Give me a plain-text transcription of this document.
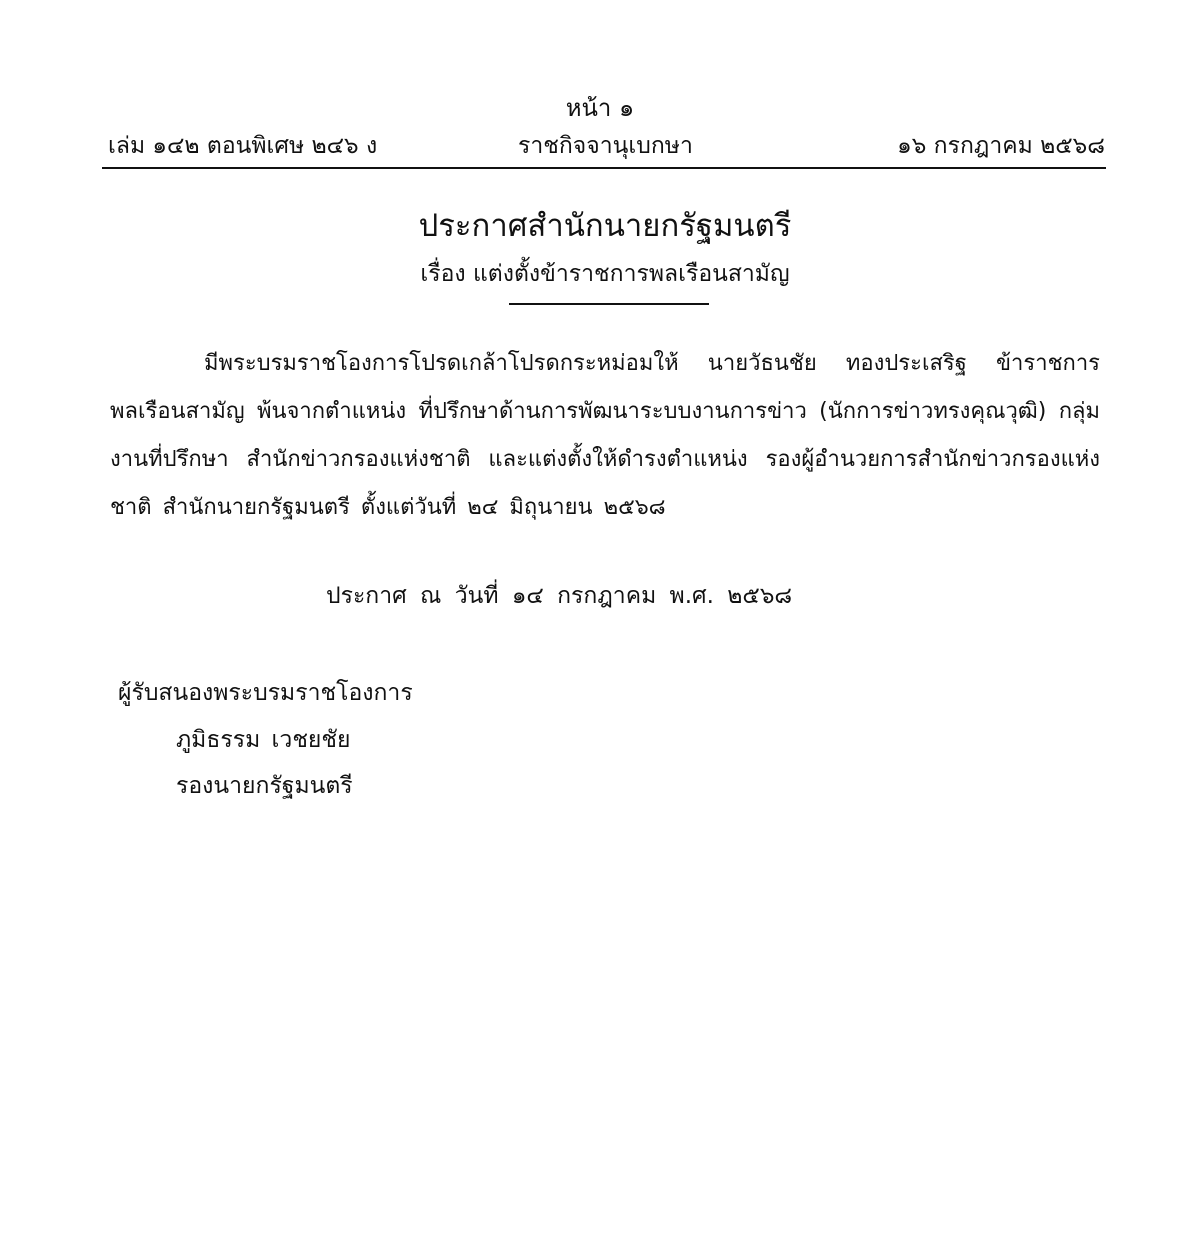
หน้า ๑
เล่ม ๑๔๒ ตอนพิเศษ ๒๔๖ ง	ราชกิจจานุเบกษา	๑๖ กรกฎาคม ๒๕๖๘
ประกาศสำนักนายกรัฐมนตรี
เรื่อง แต่งตั้งข้าราชการพลเรือนสามัญ
มีพระบรมราชโองการโปรดเกล้าโปรดกระหม่อมให้ นายวัธนชัย ทองประเสริฐ ข้าราชการพลเรือนสามัญ พ้นจากตำแหน่ง ที่ปรึกษาด้านการพัฒนาระบบงานการข่าว (นักการข่าวทรงคุณวุฒิ) กลุ่มงานที่ปรึกษา สำนักข่าวกรองแห่งชาติ และแต่งตั้งให้ดำรงตำแหน่ง รองผู้อำนวยการสำนักข่าวกรองแห่งชาติ สำนักนายกรัฐมนตรี ตั้งแต่วันที่ ๒๔ มิถุนายน ๒๕๖๘
ประกาศ ณ วันที่ ๑๔ กรกฎาคม พ.ศ. ๒๕๖๘
ผู้รับสนองพระบรมราชโองการ
ภูมิธรรม เวชยชัย
รองนายกรัฐมนตรี
